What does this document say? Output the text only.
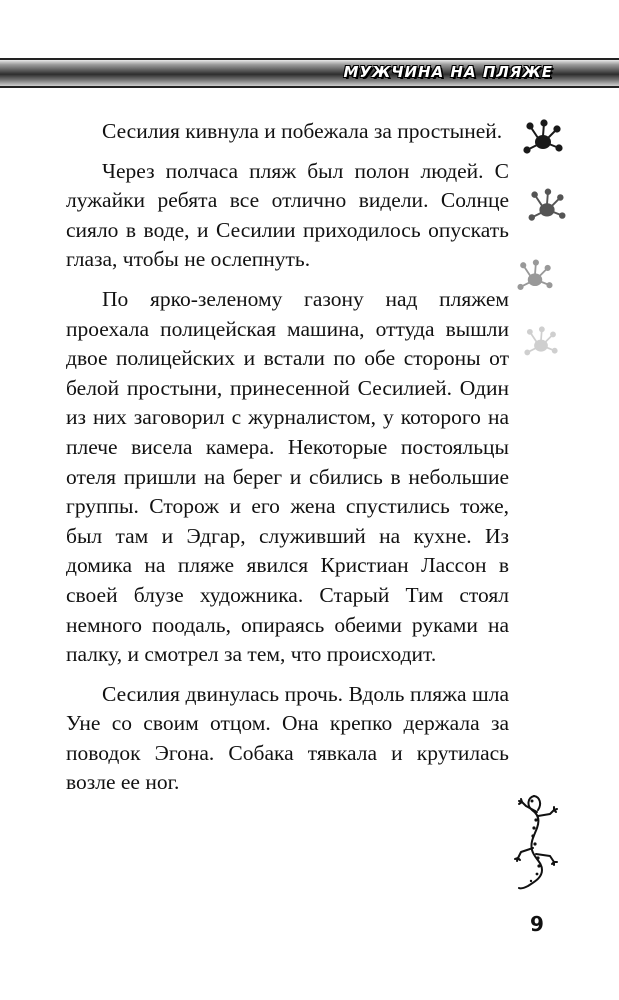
МУЖЧИНА НА ПЛЯЖЕ

Сесилия кивнула и побежала за простыней.

Через полчаса пляж был полон людей. С лужайки ребята все отлично видели. Солнце сияло в воде, и Сесилии приходилось опускать глаза, чтобы не ослепнуть.

По ярко-зеленому газону над пляжем проехала полицейская машина, оттуда вышли двое полицейских и встали по обе стороны от белой простыни, принесенной Сесилией. Один из них заговорил с журналистом, у которого на плече висела камера. Некоторые постояльцы отеля пришли на берег и сбились в небольшие группы. Сторож и его жена спустились тоже, был там и Эдгар, служивший на кухне. Из домика на пляже явился Кристиан Лассон в своей блузе художника. Старый Тим стоял немного поодаль, опираясь обеими руками на палку, и смотрел за тем, что происходит.

Сесилия двинулась прочь. Вдоль пляжа шла Уне со своим отцом. Она крепко держала за поводок Эгона. Собака тявкала и крутилась возле ее ног.

9
